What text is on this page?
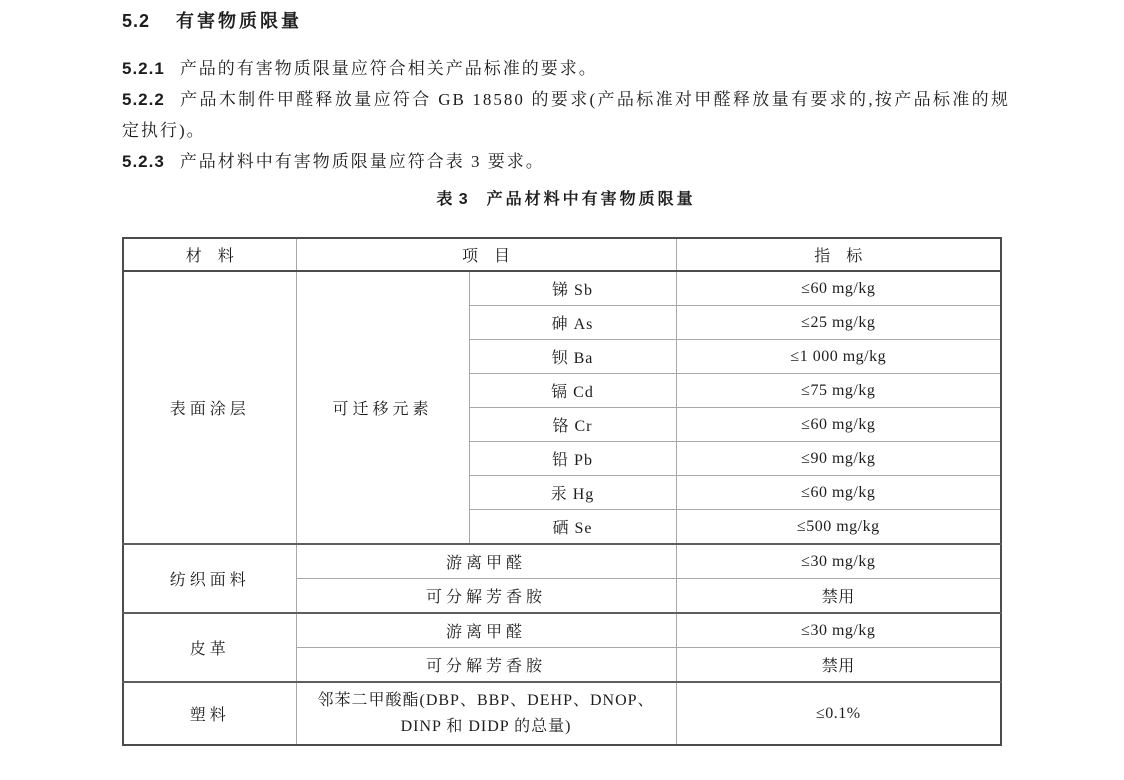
5.2 有害物质限量

5.2.1 产品的有害物质限量应符合相关产品标准的要求。

5.2.2 产品木制件甲醛释放量应符合 GB 18580 的要求(产品标准对甲醛释放量有要求的,按产品标准的规定执行)。

5.2.3 产品材料中有害物质限量应符合表 3 要求。

表 3 产品材料中有害物质限量
材　料	项　目		指　标
表面涂层	可迁移元素	锑 Sb	≤60 mg/kg
		砷 As	≤25 mg/kg
		钡 Ba	≤1 000 mg/kg
		镉 Cd	≤75 mg/kg
		铬 Cr	≤60 mg/kg
		铅 Pb	≤90 mg/kg
		汞 Hg	≤60 mg/kg
		硒 Se	≤500 mg/kg
纺织面料	游离甲醛		≤30 mg/kg
	可分解芳香胺		禁用
皮革	游离甲醛		≤30 mg/kg
	可分解芳香胺		禁用
塑料	邻苯二甲酸酯(DBP、BBP、DEHP、DNOP、DINP 和 DIDP 的总量)		≤0.1%
